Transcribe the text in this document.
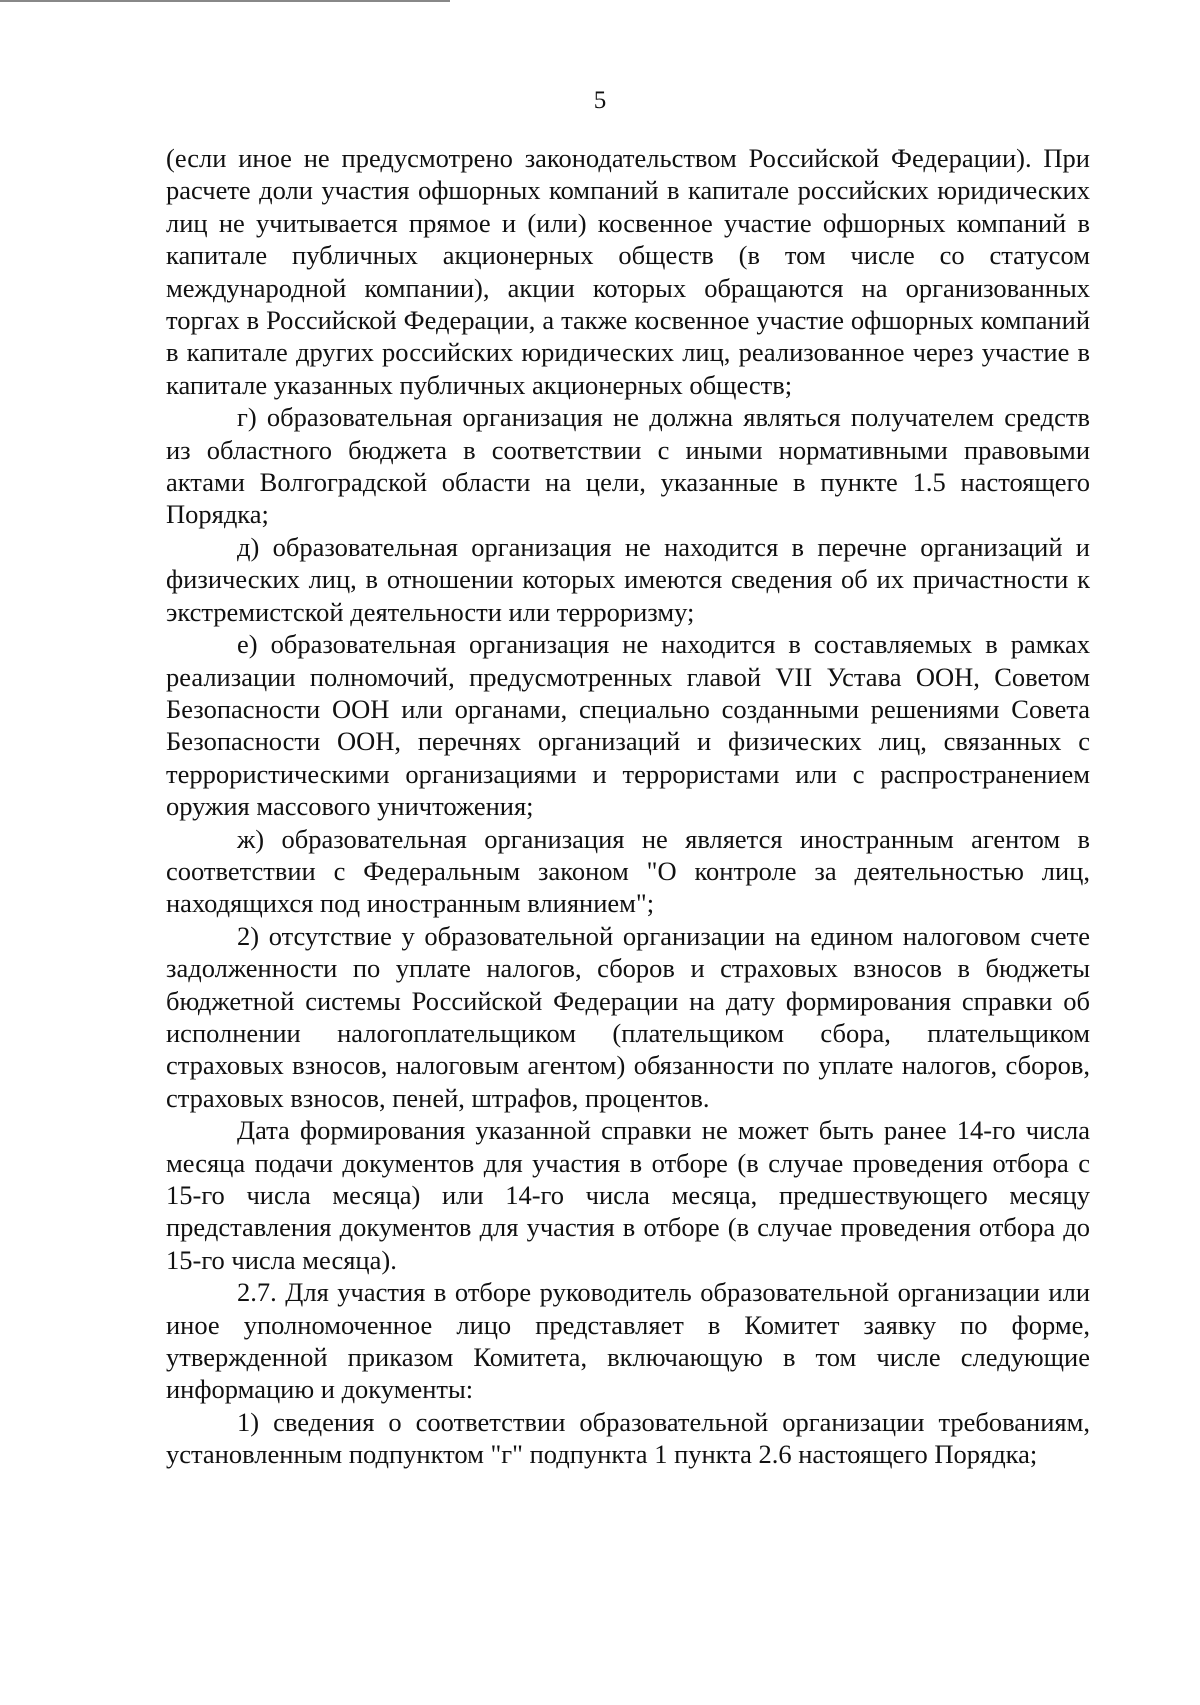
5

(если иное не предусмотрено законодательством Российской Федерации). При расчете доли участия офшорных компаний в капитале российских юридических лиц не учитывается прямое и (или) косвенное участие офшорных компаний в капитале публичных акционерных обществ (в том числе со статусом международной компании), акции которых обращаются на организованных торгах в Российской Федерации, а также косвенное участие офшорных компаний в капитале других российских юридических лиц, реализованное через участие в капитале указанных публичных акционерных обществ;

г) образовательная организация не должна являться получателем средств из областного бюджета в соответствии с иными нормативными правовыми актами Волгоградской области на цели, указанные в пункте 1.5 настоящего Порядка;

д) образовательная организация не находится в перечне организаций и физических лиц, в отношении которых имеются сведения об их причастности к экстремистской деятельности или терроризму;

е) образовательная организация не находится в составляемых в рамках реализации полномочий, предусмотренных главой VII Устава ООН, Советом Безопасности ООН или органами, специально созданными решениями Совета Безопасности ООН, перечнях организаций и физических лиц, связанных с террористическими организациями и террористами или с распространением оружия массового уничтожения;

ж) образовательная организация не является иностранным агентом в соответствии с Федеральным законом "О контроле за деятельностью лиц, находящихся под иностранным влиянием";

2) отсутствие у образовательной организации на едином налоговом счете задолженности по уплате налогов, сборов и страховых взносов в бюджеты бюджетной системы Российской Федерации на дату формирования справки об исполнении налогоплательщиком (плательщиком сбора, плательщиком страховых взносов, налоговым агентом) обязанности по уплате налогов, сборов, страховых взносов, пеней, штрафов, процентов.

Дата формирования указанной справки не может быть ранее 14-го числа месяца подачи документов для участия в отборе (в случае проведения отбора с 15-го числа месяца) или 14-го числа месяца, предшествующего месяцу представления документов для участия в отборе (в случае проведения отбора до 15-го числа месяца).

2.7. Для участия в отборе руководитель образовательной организации или иное уполномоченное лицо представляет в Комитет заявку по форме, утвержденной приказом Комитета, включающую в том числе следующие информацию и документы:

1) сведения о соответствии образовательной организации требованиям, установленным подпунктом "г" подпункта 1 пункта 2.6 настоящего Порядка;
